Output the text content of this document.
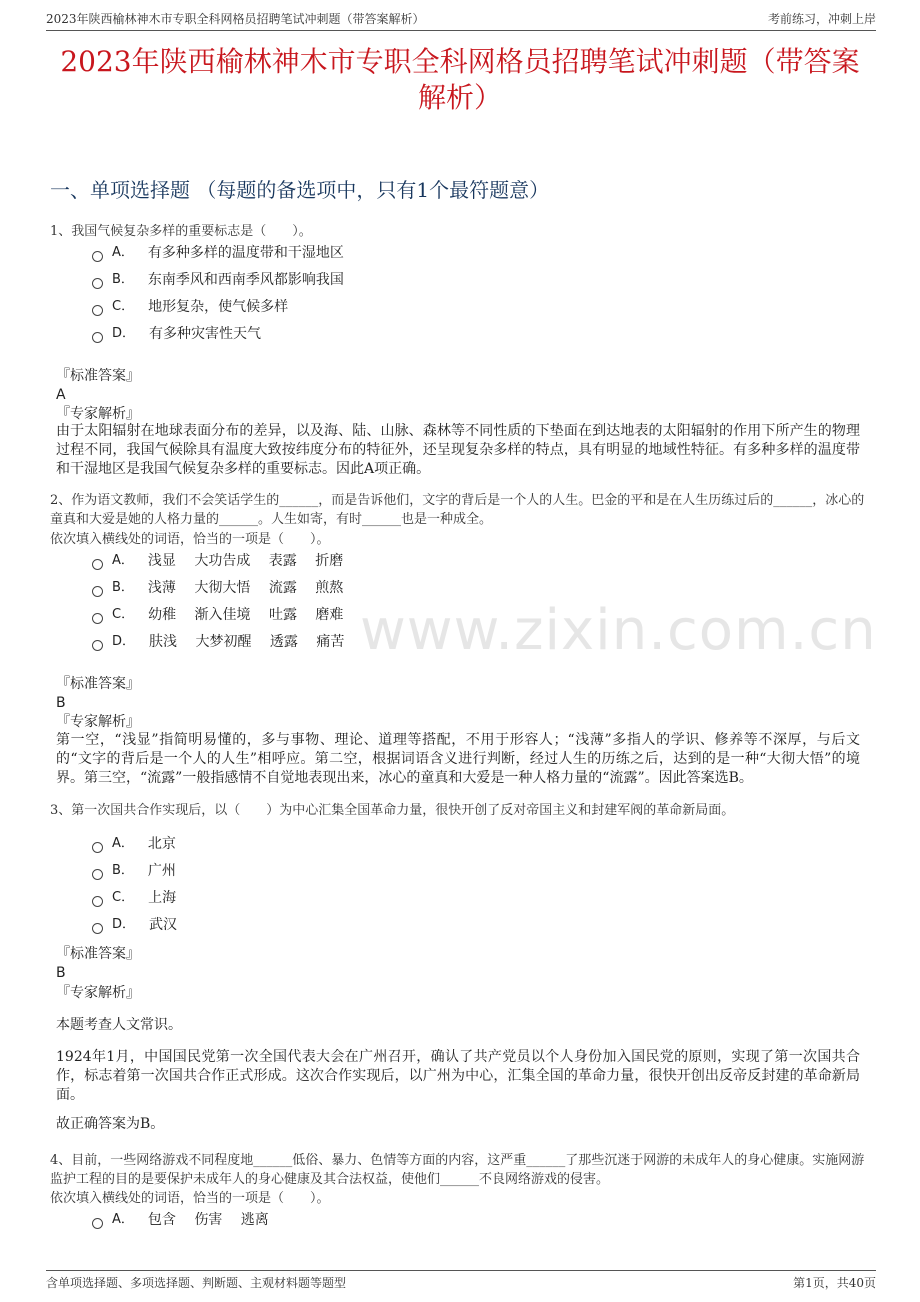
2023年陕西榆林神木市专职全科网格员招聘笔试冲刺题（带答案解析）	考前练习，冲刺上岸
2023年陕西榆林神木市专职全科网格员招聘笔试冲刺题（带答案解析）
一、单项选择题 （每题的备选项中，只有1个最符题意）
1、我国气候复杂多样的重要标志是（　　）。
A． 有多种多样的温度带和干湿地区
B． 东南季风和西南季风都影响我国
C． 地形复杂，使气候多样
D． 有多种灾害性天气
『标准答案』
A
『专家解析』
由于太阳辐射在地球表面分布的差异，以及海、陆、山脉、森林等不同性质的下垫面在到达地表的太阳辐射的作用下所产生的物理过程不同，我国气候除具有温度大致按纬度分布的特征外，还呈现复杂多样的特点，具有明显的地域性特征。有多种多样的温度带和干湿地区是我国气候复杂多样的重要标志。因此A项正确。
2、作为语文教师，我们不会笑话学生的______，而是告诉他们，文字的背后是一个人的人生。巴金的平和是在人生历练过后的______，冰心的童真和大爱是她的人格力量的______。人生如寄，有时______也是一种成全。
依次填入横线处的词语，恰当的一项是（　　）。
A． 浅显　 大功告成　 表露　 折磨
B． 浅薄　 大彻大悟　 流露　 煎熬
C． 幼稚　 渐入佳境　 吐露　 磨难
D． 肤浅　 大梦初醒　 透露　 痛苦 www.zixin.com.cn
『标准答案』
B
『专家解析』
第一空，“浅显”指简明易懂的，多与事物、理论、道理等搭配，不用于形容人；“浅薄”多指人的学识、修养等不深厚，与后文的“文字的背后是一个人的人生”相呼应。第二空，根据词语含义进行判断，经过人生的历练之后，达到的是一种“大彻大悟”的境界。第三空，“流露”一般指感情不自觉地表现出来，冰心的童真和大爱是一种人格力量的“流露”。因此答案选B。
3、第一次国共合作实现后，以（　　）为中心汇集全国革命力量，很快开创了反对帝国主义和封建军阀的革命新局面。
A． 北京
B． 广州
C． 上海
D． 武汉
『标准答案』
B
『专家解析』
本题考查人文常识。
1924年1月，中国国民党第一次全国代表大会在广州召开，确认了共产党员以个人身份加入国民党的原则，实现了第一次国共合作，标志着第一次国共合作正式形成。这次合作实现后，以广州为中心，汇集全国的革命力量，很快开创出反帝反封建的革命新局面。
故正确答案为B。
4、目前，一些网络游戏不同程度地______低俗、暴力、色情等方面的内容，这严重______了那些沉迷于网游的未成年人的身心健康。实施网游监护工程的目的是要保护未成年人的身心健康及其合法权益，使他们______不良网络游戏的侵害。
依次填入横线处的词语，恰当的一项是（　　）。
A． 包含　 伤害　 逃离
含单项选择题、多项选择题、判断题、主观材料题等题型	第1页，共40页
